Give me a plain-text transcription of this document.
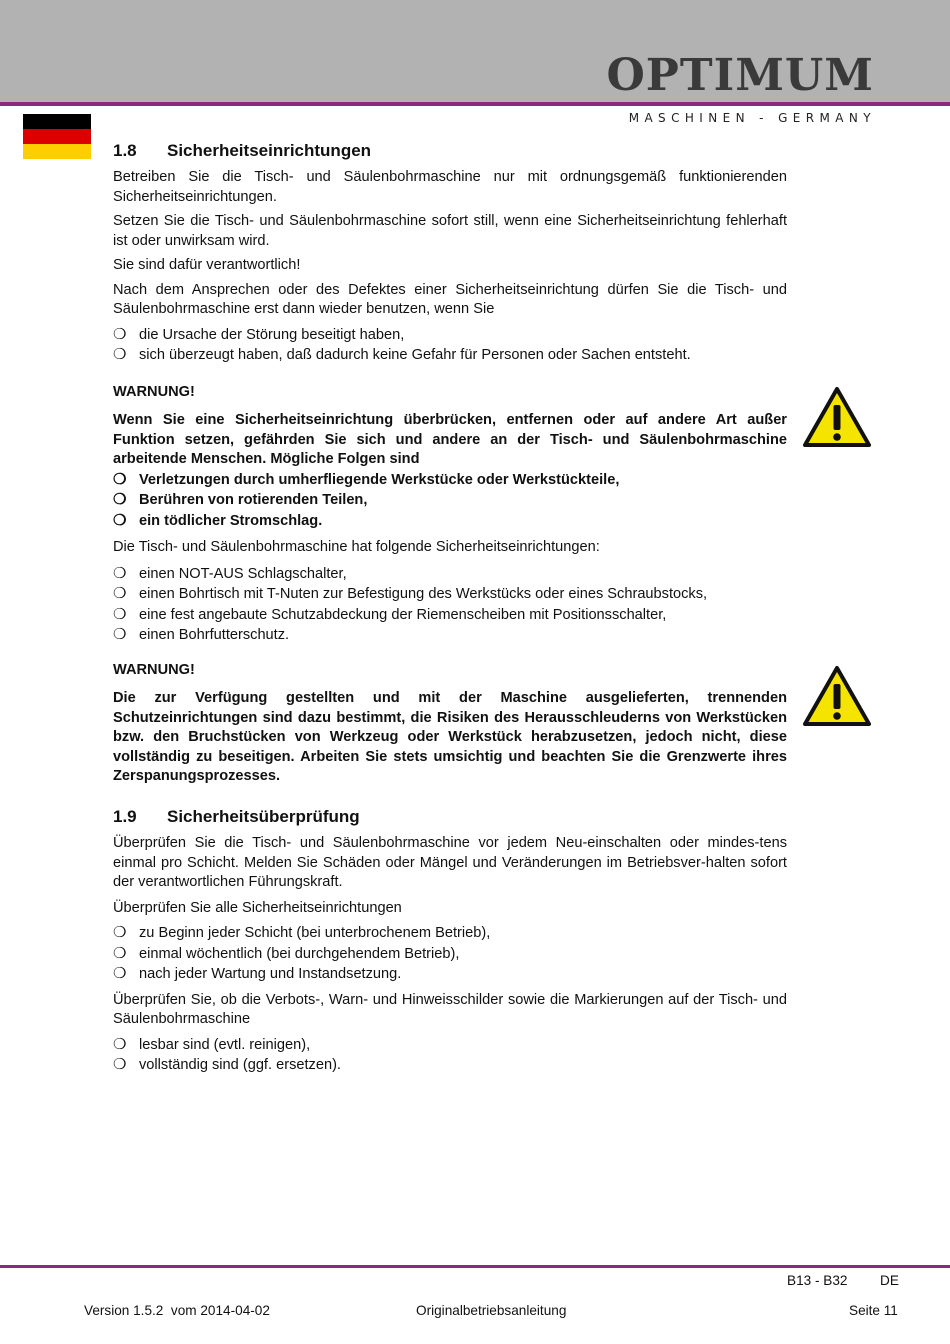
OPTIMUM
MASCHINEN - GERMANY
1.8 Sicherheitseinrichtungen

Betreiben Sie die Tisch- und Säulenbohrmaschine nur mit ordnungsgemäß funktionierenden Sicherheitseinrichtungen.

Setzen Sie die Tisch- und Säulenbohrmaschine sofort still, wenn eine Sicherheitseinrichtung fehlerhaft ist oder unwirksam wird.

Sie sind dafür verantwortlich!

Nach dem Ansprechen oder des Defektes einer Sicherheitseinrichtung dürfen Sie die Tisch- und Säulenbohrmaschine erst dann wieder benutzen, wenn Sie

❍ die Ursache der Störung beseitigt haben,
❍ sich überzeugt haben, daß dadurch keine Gefahr für Personen oder Sachen entsteht.
WARNUNG!

Wenn Sie eine Sicherheitseinrichtung überbrücken, entfernen oder auf andere Art außer Funktion setzen, gefährden Sie sich und andere an der Tisch- und Säulenbohrmaschine arbeitende Menschen. Mögliche Folgen sind

❍ Verletzungen durch umherfliegende Werkstücke oder Werkstückteile,
❍ Berühren von rotierenden Teilen,
❍ ein tödlicher Stromschlag.

Die Tisch- und Säulenbohrmaschine hat folgende Sicherheitseinrichtungen:

❍ einen NOT-AUS Schlagschalter,
❍ einen Bohrtisch mit T-Nuten zur Befestigung des Werkstücks oder eines Schraubstocks,
❍ eine fest angebaute Schutzabdeckung der Riemenscheiben mit Positionsschalter,
❍ einen Bohrfutterschutz.
WARNUNG!

Die zur Verfügung gestellten und mit der Maschine ausgelieferten, trennenden Schutzeinrichtungen sind dazu bestimmt, die Risiken des Herausschleuderns von Werkstücken bzw. den Bruchstücken von Werkzeug oder Werkstück herabzusetzen, jedoch nicht, diese vollständig zu beseitigen. Arbeiten Sie stets umsichtig und beachten Sie die Grenzwerte ihres Zerspanungsprozesses.

1.9 Sicherheitsüberprüfung

Überprüfen Sie die Tisch- und Säulenbohrmaschine vor jedem Neu-einschalten oder mindes-tens einmal pro Schicht. Melden Sie Schäden oder Mängel und Veränderungen im Betriebsver-halten sofort der verantwortlichen Führungskraft.

Überprüfen Sie alle Sicherheitseinrichtungen

❍ zu Beginn jeder Schicht (bei unterbrochenem Betrieb),
❍ einmal wöchentlich (bei durchgehendem Betrieb),
❍ nach jeder Wartung und Instandsetzung.

Überprüfen Sie, ob die Verbots-, Warn- und Hinweisschilder sowie die Markierungen auf der Tisch- und Säulenbohrmaschine

❍ lesbar sind (evtl. reinigen),
❍ vollständig sind (ggf. ersetzen).
B13 - B32 DE
Version 1.5.2  vom 2014-04-02	Originalbetriebsanleitung	Seite 11
